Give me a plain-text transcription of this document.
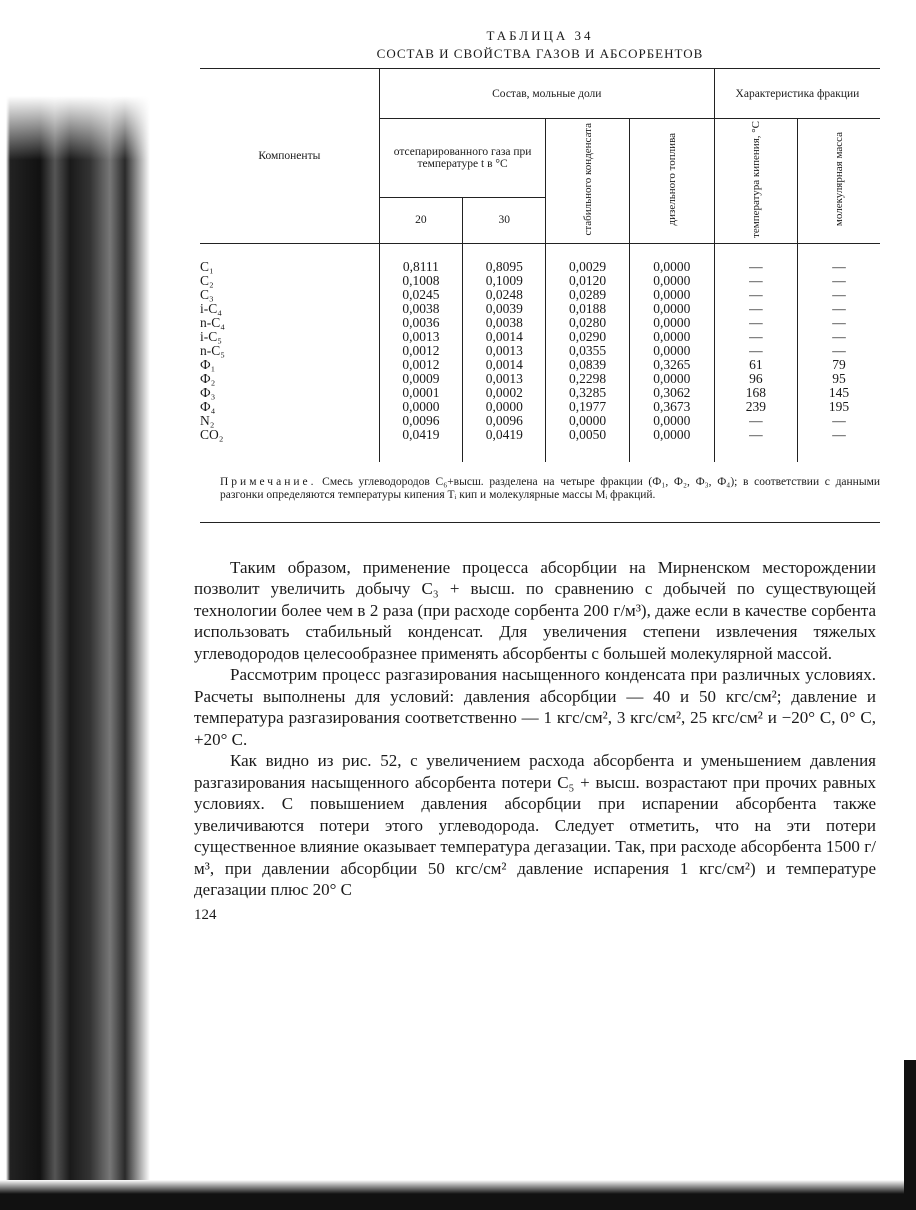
ТАБЛИЦА 34
СОСТАВ И СВОЙСТВА ГАЗОВ И АБСОРБЕНТОВ
Компоненты	Состав, мольные доли				Характеристика фракции	
	отсепарированного газа при температуре t в °С		стабильного конденсата	дизельного топлива	температура кипения, °С	молекулярная масса
	20	30				
C₁	0,8111	0,8095	0,0029	0,0000	—	—
C₂	0,1008	0,1009	0,0120	0,0000	—	—
C₃	0,0245	0,0248	0,0289	0,0000	—	—
i-C₄	0,0038	0,0039	0,0188	0,0000	—	—
n-C₄	0,0036	0,0038	0,0280	0,0000	—	—
i-C₅	0,0013	0,0014	0,0290	0,0000	—	—
n-C₅	0,0012	0,0013	0,0355	0,0000	—	—
Ф₁	0,0012	0,0014	0,0839	0,3265	61	79
Ф₂	0,0009	0,0013	0,2298	0,0000	96	95
Ф₃	0,0001	0,0002	0,3285	0,3062	168	145
Ф₄	0,0000	0,0000	0,1977	0,3673	239	195
N₂	0,0096	0,0096	0,0000	0,0000	—	—
CO₂	0,0419	0,0419	0,0050	0,0000	—	—
Примечание. Смесь углеводородов C₆+высш. разделена на четыре фракции (Ф₁, Ф₂, Ф₃, Ф₄); в соответствии с данными разгонки определяются температуры кипения Tᵢ кип и молекулярные массы Mᵢ фракций.

Таким образом, применение процесса абсорбции на Мирненском месторождении позволит увеличить добычу C₃ + высш. по сравнению с добычей по существующей технологии более чем в 2 раза (при расходе сорбента 200 г/м³), даже если в качестве сорбента использовать стабильный конденсат. Для увеличения степени извлечения тяжелых углеводородов целесообразнее применять абсорбенты с большей молекулярной массой.

Рассмотрим процесс разгазирования насыщенного конденсата при различных условиях. Расчеты выполнены для условий: давления абсорбции — 40 и 50 кгс/см²; давление и температура разгазирования соответственно — 1 кгс/см², 3 кгс/см², 25 кгс/см² и −20° С, 0° С, +20° С.

Как видно из рис. 52, с увеличением расхода абсорбента и уменьшением давления разгазирования насыщенного абсорбента потери C₅ + высш. возрастают при прочих равных условиях. С повышением давления абсорбции при испарении абсорбента также увеличиваются потери этого углеводорода. Следует отметить, что на эти потери существенное влияние оказывает температура дегазации. Так, при расходе абсорбента 1500 г/м³, при давлении абсорбции 50 кгс/см² давление испарения 1 кгс/см²) и температуре дегазации плюс 20° С

124
